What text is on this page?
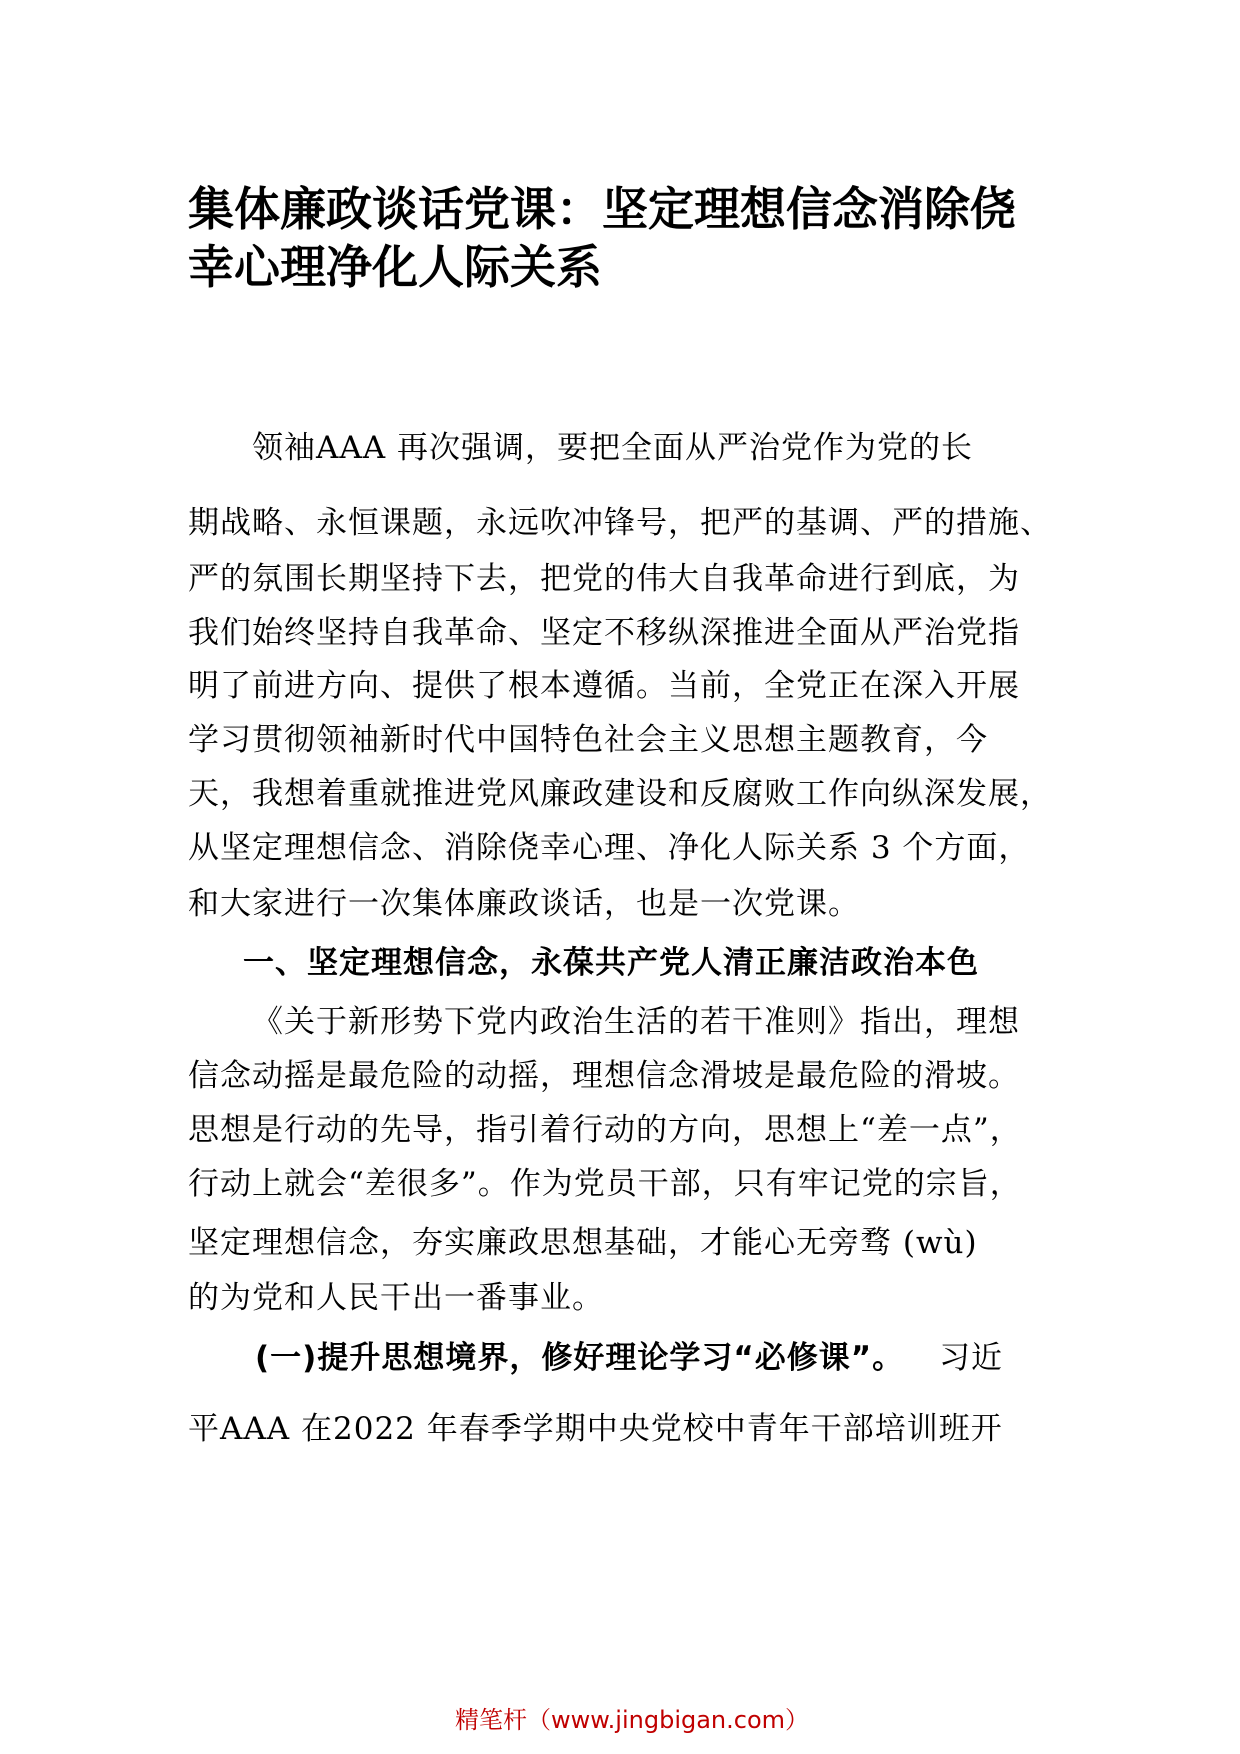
集体廉政谈话党课：坚定理想信念消除侥
幸心理净化人际关系
领袖AAA 再次强调，要把全面从严治党作为党的长
期战略、永恒课题，永远吹冲锋号，把严的基调、严的措施、
严的氛围长期坚持下去，把党的伟大自我革命进行到底，为
我们始终坚持自我革命、坚定不移纵深推进全面从严治党指
明了前进方向、提供了根本遵循。当前，全党正在深入开展
学习贯彻领袖新时代中国特色社会主义思想主题教育，今
天，我想着重就推进党风廉政建设和反腐败工作向纵深发展，
从坚定理想信念、消除侥幸心理、净化人际关系 3 个方面，
和大家进行一次集体廉政谈话，也是一次党课。
一、坚定理想信念，永葆共产党人清正廉洁政治本色
《关于新形势下党内政治生活的若干准则》指出，理想
信念动摇是最危险的动摇，理想信念滑坡是最危险的滑坡。
思想是行动的先导，指引着行动的方向，思想上“差一点”，
行动上就会“差很多”。作为党员干部，只有牢记党的宗旨，
坚定理想信念，夯实廉政思想基础，才能心无旁骛 (wù)
的为党和人民干出一番事业。
(一)提升思想境界，修好理论学习“必修课”。 习近
平AAA 在2022 年春季学期中央党校中青年干部培训班开
精笔杆（www.jingbigan.com）
